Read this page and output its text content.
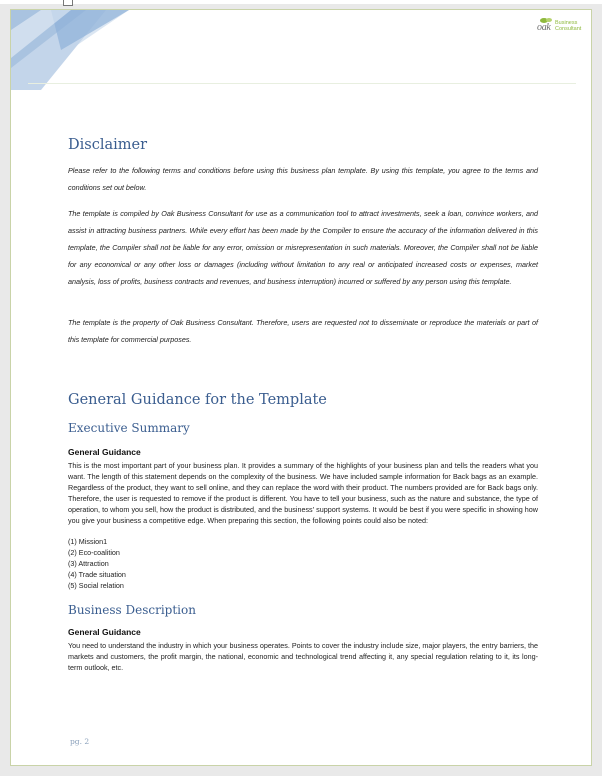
oak Business
Consultant
Disclaimer

Please refer to the following terms and conditions before using this business plan template. By using this template, you agree to the terms and conditions set out below.

The template is compiled by Oak Business Consultant for use as a communication tool to attract investments, seek a loan, convince workers, and assist in attracting business partners. While every effort has been made by the Compiler to ensure the accuracy of the information delivered in this template, the Compiler shall not be liable for any error, omission or misrepresentation in such materials. Moreover, the Compiler shall not be liable for any economical or any other loss or damages (including without limitation to any real or anticipated increased costs or expenses, market analysis, loss of profits, business contracts and revenues, and business interruption) incurred or suffered by any person using this template.

The template is the property of Oak Business Consultant. Therefore, users are requested not to disseminate or reproduce the materials or part of this template for commercial purposes.

General Guidance for the Template
Executive Summary
General Guidance

This is the most important part of your business plan. It provides a summary of the highlights of your business plan and tells the readers what you want. The length of this statement depends on the complexity of the business. We have included sample information for Back bags as an example. Regardless of the product, they want to sell online, and they can replace the word with their product. The numbers provided are for Back bags only. Therefore, the user is requested to remove if the product is different. You have to tell your business, such as the nature and substance, the type of operation, to whom you sell, how the product is distributed, and the business' support systems. It would be best if you were specific in showing how you give your business a competitive edge. When preparing this section, the following points could also be noted:

(1) Mission1
(2) Eco-coalition
(3) Attraction
(4) Trade situation
(5) Social relation
Business Description
General Guidance

You need to understand the industry in which your business operates. Points to cover the industry include size, major players, the entry barriers, the markets and customers, the profit margin, the national, economic and technological trend affecting it, any special regulation relating to it, its long-term outlook, etc.

pg. 2
